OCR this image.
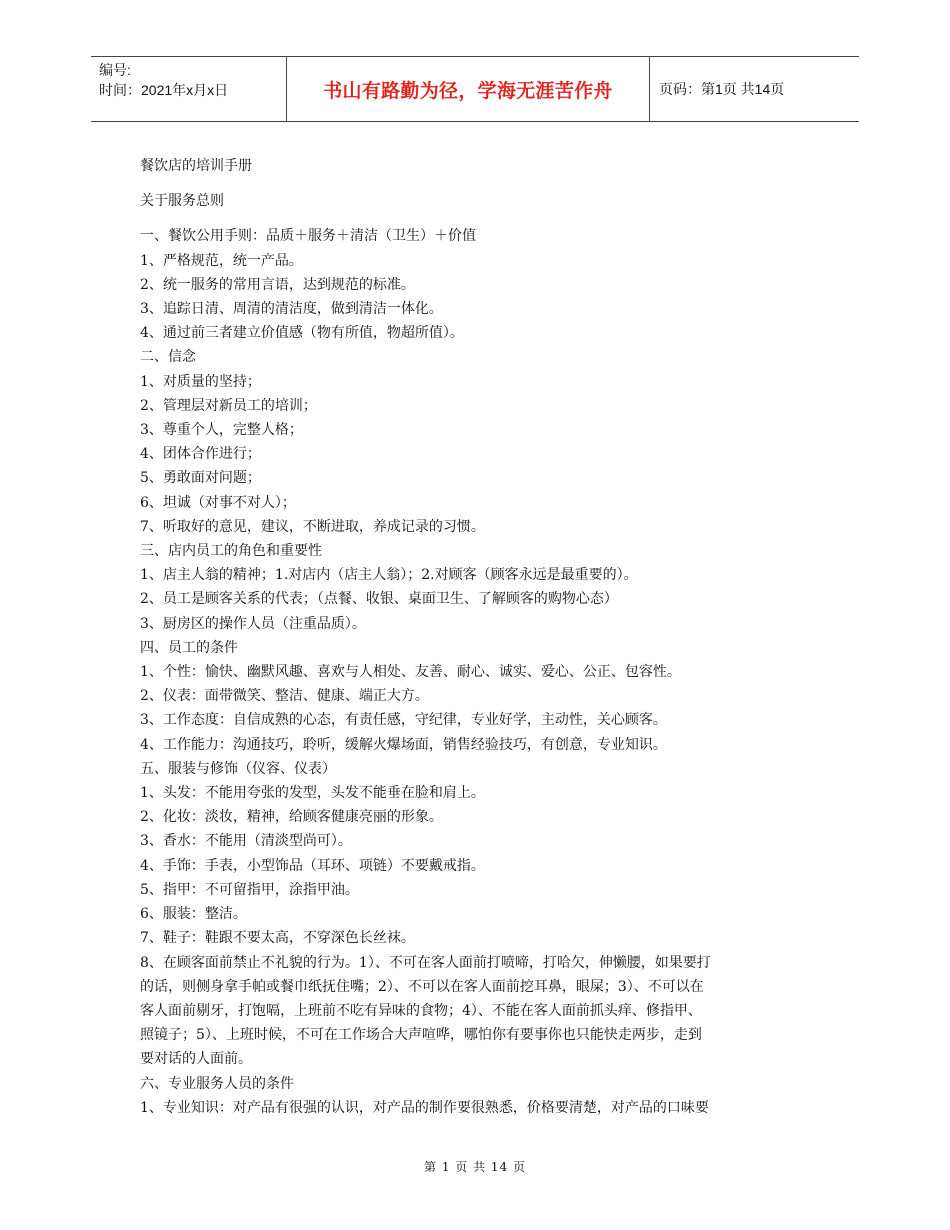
编号:
时间：2021年x月x日	书山有路勤为径，学海无涯苦作舟	页码：第1页 共14页
餐饮店的培训手册
关于服务总则
一、餐饮公用手则：品质＋服务＋清洁（卫生）＋价值
1、严格规范，统一产品。
2、统一服务的常用言语，达到规范的标准。
3、追踪日清、周清的清洁度，做到清洁一体化。
4、通过前三者建立价值感（物有所值，物超所值）。
二、信念
1、对质量的坚持；
2、管理层对新员工的培训；
3、尊重个人，完整人格；
4、团体合作进行；
5、勇敢面对问题；
6、坦诚（对事不对人）；
7、听取好的意见，建议，不断进取，养成记录的习惯。
三、店内员工的角色和重要性
1、店主人翁的精神；1.对店内（店主人翁）；2.对顾客（顾客永远是最重要的）。
2、员工是顾客关系的代表；（点餐、收银、桌面卫生、了解顾客的购物心态）
3、厨房区的操作人员（注重品质）。
四、员工的条件
1、个性：愉快、幽默风趣、喜欢与人相处、友善、耐心、诚实、爱心、公正、包容性。
2、仪表：面带微笑、整洁、健康、端正大方。
3、工作态度：自信成熟的心态，有责任感，守纪律，专业好学，主动性，关心顾客。
4、工作能力：沟通技巧，聆听，缓解火爆场面，销售经验技巧，有创意，专业知识。
五、服装与修饰（仪容、仪表）
1、头发：不能用夸张的发型，头发不能垂在脸和肩上。
2、化妆：淡妆，精神，给顾客健康亮丽的形象。
3、香水：不能用（清淡型尚可）。
4、手饰：手表，小型饰品（耳环、项链）不要戴戒指。
5、指甲：不可留指甲，涂指甲油。
6、服装：整洁。
7、鞋子：鞋跟不要太高，不穿深色长丝袜。
8、在顾客面前禁止不礼貌的行为。1）、不可在客人面前打喷啼，打哈欠，伸懒腰，如果要打
的话，则侧身拿手帕或餐巾纸抚住嘴；2）、不可以在客人面前挖耳鼻，眼屎；3）、不可以在
客人面前剔牙，打饱嗝，上班前不吃有异味的食物；4）、不能在客人面前抓头痒、修指甲、
照镜子；5）、上班时候，不可在工作场合大声喧哗，哪怕你有要事你也只能快走两步，走到
要对话的人面前。
六、专业服务人员的条件
1、专业知识：对产品有很强的认识，对产品的制作要很熟悉，价格要清楚，对产品的口味要
第 1 页 共 14 页
